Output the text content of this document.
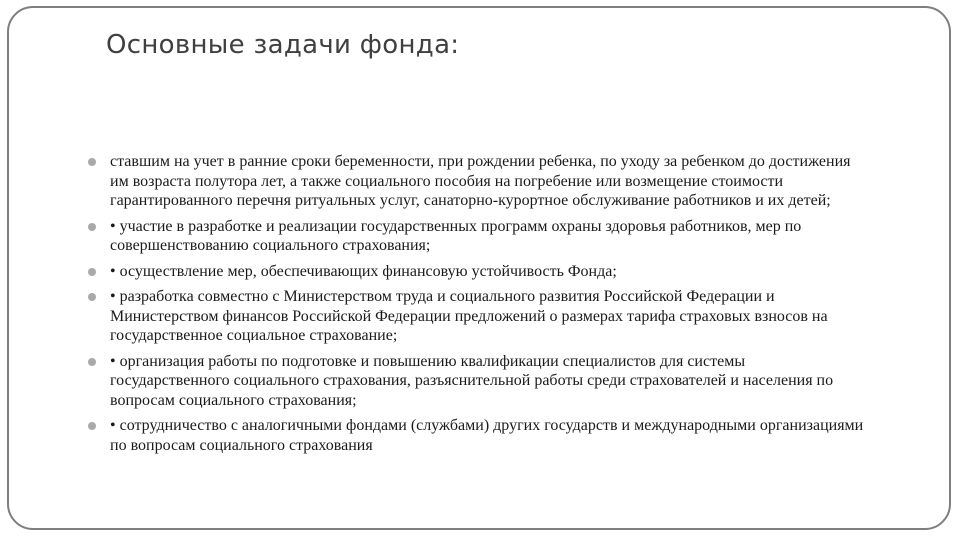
Основные задачи фонда:
ставшим на учет в ранние сроки беременности, при рождении ребенка, по уходу за ребенком до достижения им возраста полутора лет, а также социального пособия на погребение или возмещение стоимости гарантированного перечня ритуальных услуг, санаторно-курортное обслуживание работников и их детей;
• участие в разработке и реализации государственных программ охраны здоровья работников, мер по совершенствованию социального страхования;
• осуществление мер, обеспечивающих финансовую устойчивость Фонда;
• разработка совместно с Министерством труда и социального развития Российской Федерации и Министерством финансов Российской Федерации предложений о размерах тарифа страховых взносов на государственное социальное страхование;
• организация работы по подготовке и повышению квалификации специалистов для системы государственного социального страхования, разъяснительной работы среди страхователей и населения по вопросам социального страхования;
• сотрудничество с аналогичными фондами (службами) других государств и международными организациями по вопросам социального страхования
